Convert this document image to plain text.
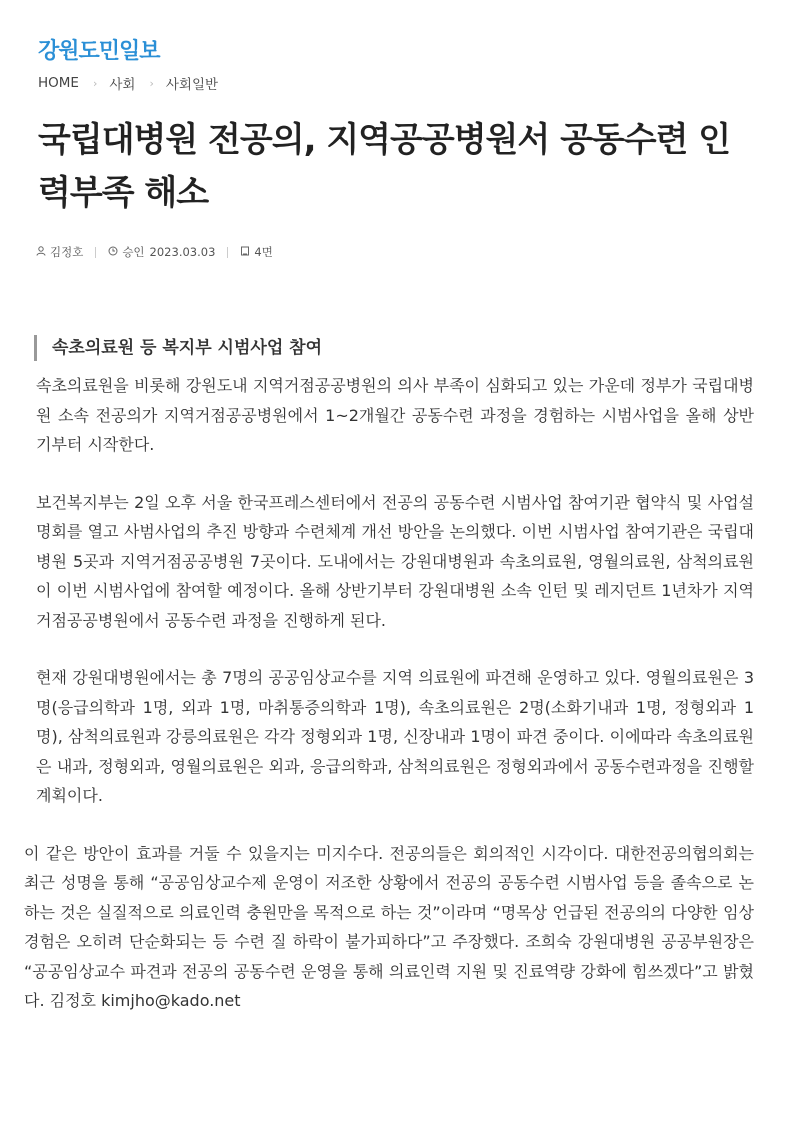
강원도민일보
HOME › 사회 › 사회일반
국립대병원 전공의, 지역공공병원서 공동수련 인력부족 해소
김정호	승인 2023.03.03	4면
속초의료원 등 복지부 시범사업 참여

속초의료원을 비롯해 강원도내 지역거점공공병원의 의사 부족이 심화되고 있는 가운데 정부가 국립대병원 소속 전공의가 지역거점공공병원에서 1~2개월간 공동수련 과정을 경험하는 시범사업을 올해 상반기부터 시작한다.

보건복지부는 2일 오후 서울 한국프레스센터에서 전공의 공동수련 시범사업 참여기관 협약식 및 사업설명회를 열고 사범사업의 추진 방향과 수련체계 개선 방안을 논의했다. 이번 시범사업 참여기관은 국립대병원 5곳과 지역거점공공병원 7곳이다. 도내에서는 강원대병원과 속초의료원, 영월의료원, 삼척의료원이 이번 시범사업에 참여할 예정이다. 올해 상반기부터 강원대병원 소속 인턴 및 레지던트 1년차가 지역거점공공병원에서 공동수련 과정을 진행하게 된다.

현재 강원대병원에서는 총 7명의 공공임상교수를 지역 의료원에 파견해 운영하고 있다. 영월의료원은 3명(응급의학과 1명, 외과 1명, 마취통증의학과 1명), 속초의료원은 2명(소화기내과 1명, 정형외과 1명), 삼척의료원과 강릉의료원은 각각 정형외과 1명, 신장내과 1명이 파견 중이다. 이에따라 속초의료원은 내과, 정형외과, 영월의료원은 외과, 응급의학과, 삼척의료원은 정형외과에서 공동수련과정을 진행할 계획이다.

이 같은 방안이 효과를 거둘 수 있을지는 미지수다. 전공의들은 회의적인 시각이다. 대한전공의협의회는 최근 성명을 통해 “공공임상교수제 운영이 저조한 상황에서 전공의 공동수련 시범사업 등을 졸속으로 논하는 것은 실질적으로 의료인력 충원만을 목적으로 하는 것”이라며 “명목상 언급된 전공의의 다양한 임상 경험은 오히려 단순화되는 등 수련 질 하락이 불가피하다”고 주장했다. 조희숙 강원대병원 공공부원장은 “공공임상교수 파견과 전공의 공동수련 운영을 통해 의료인력 지원 및 진료역량 강화에 힘쓰겠다”고 밝혔다. 김정호 kimjho@kado.net
